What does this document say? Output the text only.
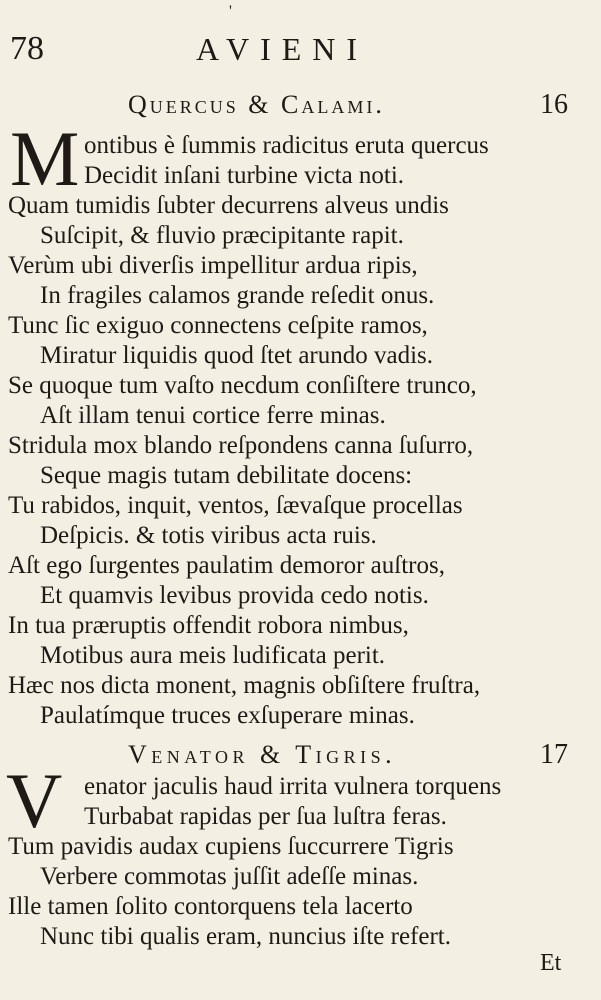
'
78	AVIENI
Quercus & Calami.	16
M ontibus è ſummis radicitus eruta quercus
Decidit inſani turbine victa noti.
Quam tumidis ſubter decurrens alveus undis
Suſcipit, & fluvio præcipitante rapit.
Verùm ubi diverſis impellitur ardua ripis,
In fragiles calamos grande reſedit onus.
Tunc ſic exiguo connectens ceſpite ramos,
Miratur liquidis quod ſtet arundo vadis.
Se quoque tum vaſto necdum conſiſtere trunco,
Aſt illam tenui cortice ferre minas.
Stridula mox blando reſpondens canna ſuſurro,
Seque magis tutam debilitate docens:
Tu rabidos, inquit, ventos, ſævaſque procellas
Deſpicis. & totis viribus acta ruis.
Aſt ego ſurgentes paulatim demoror auſtros,
Et quamvis levibus provida cedo notis.
In tua præruptis offendit robora nimbus,
Motibus aura meis ludificata perit.
Hæc nos dicta monent, magnis obſiſtere fruſtra,
Paulatímque truces exſuperare minas.
Venator & Tigris.	17
V enator jaculis haud irrita vulnera torquens
Turbabat rapidas per ſua luſtra feras.
Tum pavidis audax cupiens ſuccurrere Tigris
Verbere commotas juſſit adeſſe minas.
Ille tamen ſolito contorquens tela lacerto
Nunc tibi qualis eram, nuncius iſte refert.
Et
